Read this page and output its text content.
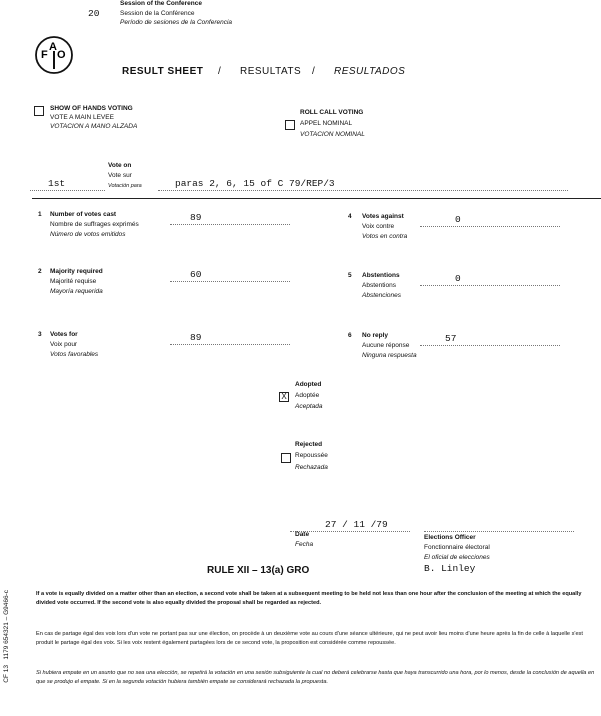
20
Session of the Conference
Session de la Conférence
Período de sesiones de la Conferencia
F
A
O
RESULT SHEET / RESULTATS / RESULTADOS
SHOW OF HANDS VOTING
VOTE A MAIN LEVEE
VOTACION A MANO ALZADA
ROLL CALL VOTING
APPEL NOMINAL
VOTACION NOMINAL
Vote on
Vote sur
Votación para
1st	paras 2, 6, 15 of C 79/REP/3
1 Number of votes cast
Nombre de suffrages exprimés
Número de votos emitidos
89
2 Majority required
Majorité requise
Mayoría requerida
60
3 Votes for
Voix pour
Votos favorables
89
4 Votes against
Voix contre
Votos en contra
0
5 Abstentions
Abstentions
Abstenciones
0
6 No reply
Aucune réponse
Ninguna respuesta
57
Adopted
X	Adoptée
Aceptada
Rejected
Repoussée
Rechazada
27 / 11 /79
Date
Fecha
Elections Officer
Fonctionnaire électoral
El oficial de elecciones
RULE XII – 13(a) GRO	B. Linley
If a vote is equally divided on a matter other than an election, a second vote shall be taken at a subsequent meeting to be held not less than one hour after the conclusion of the meeting at which the equally divided vote occurred. If the second vote is also equally divided the proposal shall be regarded as rejected.
En cas de partage égal des voix lors d'un vote ne portant pas sur une élection, on procède à un deuxième vote au cours d'une séance ultérieure, qui ne peut avoir lieu moins d'une heure après la fin de celle à laquelle s'est produit le partage égal des voix. Si les voix restent également partagées lors de ce second vote, la proposition est considérée comme repoussée.
Si hubiera empate en un asunto que no sea una elección, se repetirá la votación en una sesión subsiguiente la cual no deberá celebrarse hasta que haya transcurrido una hora, por lo menos, desde la conclusión de aquella en que se produjo el empate. Si en la segunda votación hubiera también empate se considerará rechazada la propuesta.
CF 13   1179 654321 – G9466-c
